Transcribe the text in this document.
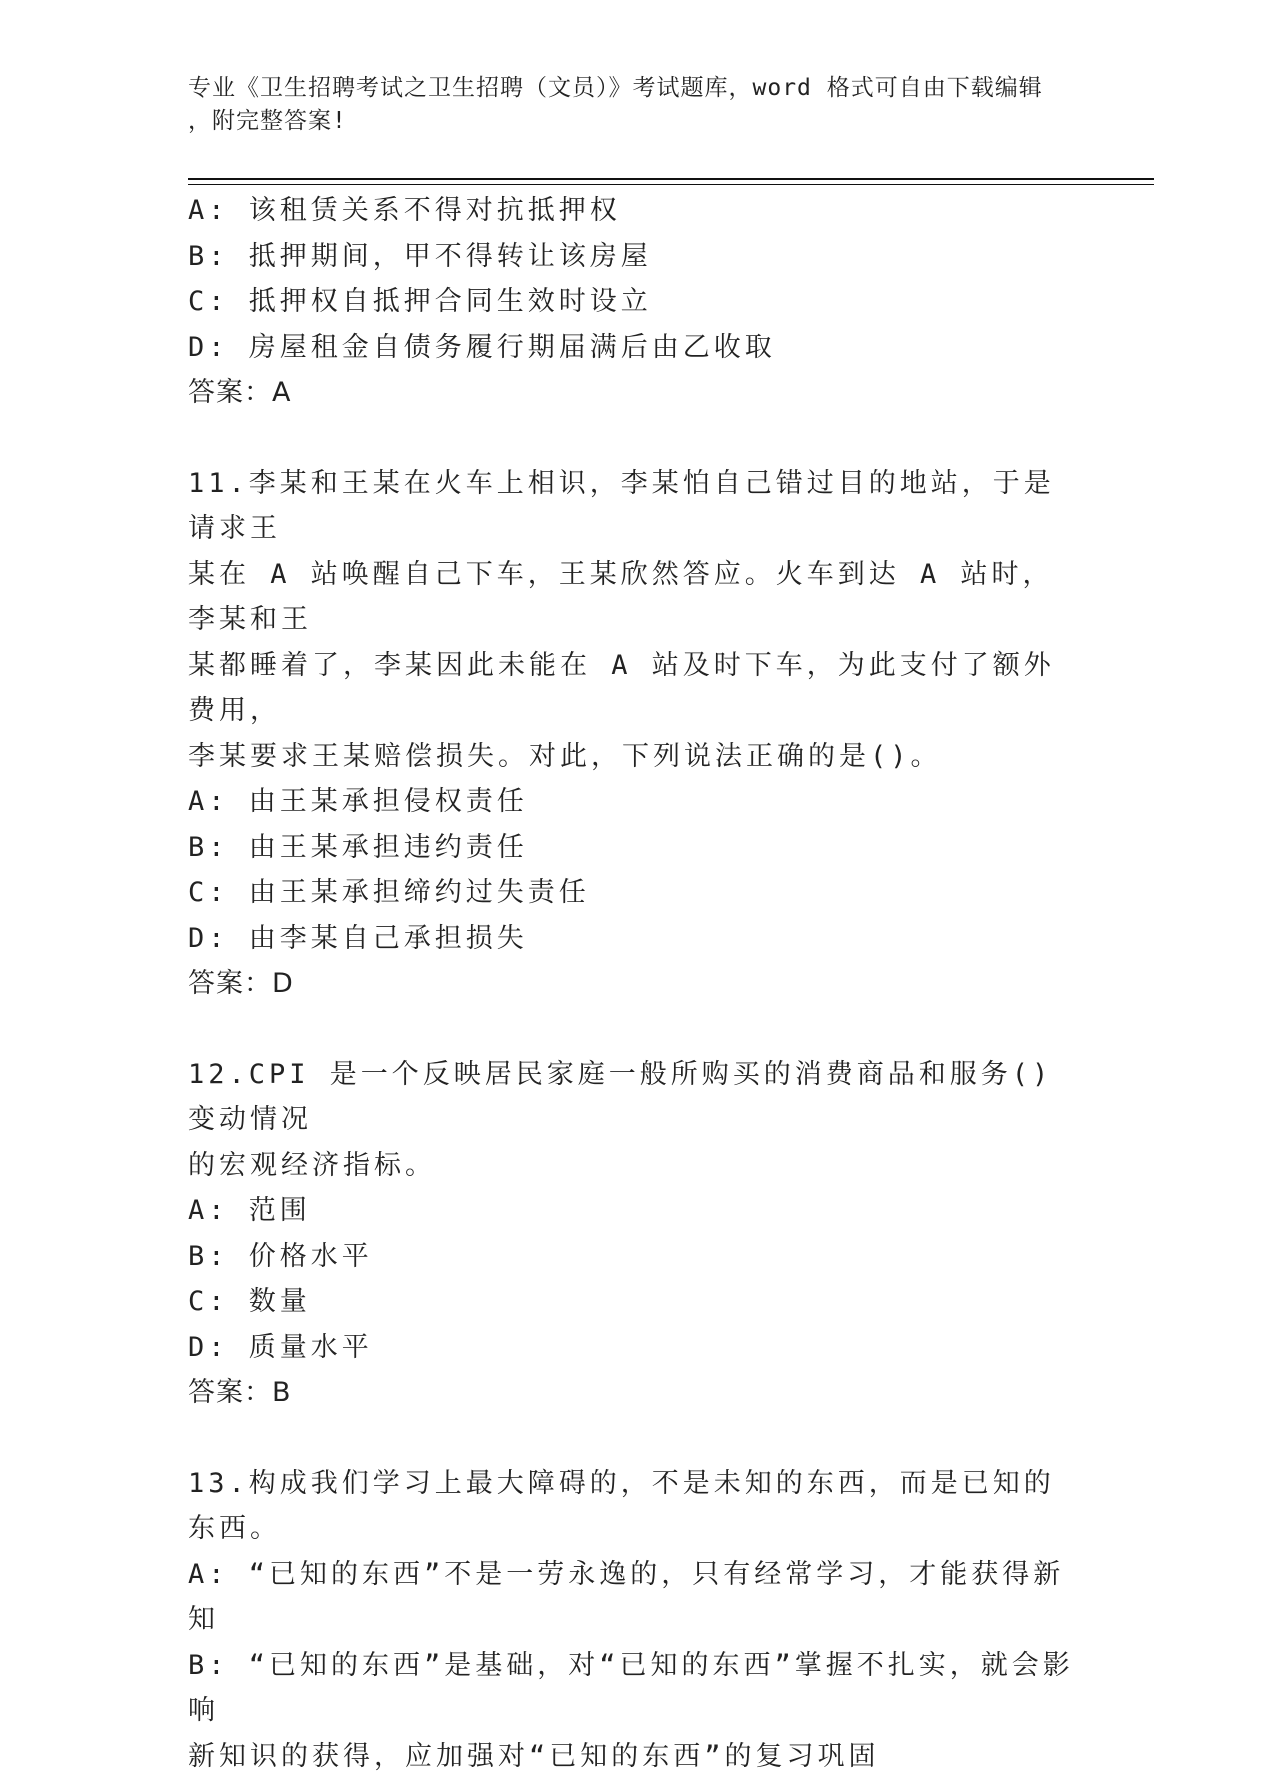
专业《卫生招聘考试之卫生招聘（文员）》考试题库，word 格式可自由下载编辑
，附完整答案!

A: 该租赁关系不得对抗抵押权

B: 抵押期间，甲不得转让该房屋

C: 抵押权自抵押合同生效时设立

D: 房屋租金自债务履行期届满后由乙收取

答案：A

11.李某和王某在火车上相识，李某怕自己错过目的地站，于是请求王

某在 A 站唤醒自己下车，王某欣然答应。火车到达 A 站时，李某和王

某都睡着了，李某因此未能在 A 站及时下车，为此支付了额外费用，

李某要求王某赔偿损失。对此，下列说法正确的是()。

A: 由王某承担侵权责任

B: 由王某承担违约责任

C: 由王某承担缔约过失责任

D: 由李某自己承担损失

答案：D

12.CPI 是一个反映居民家庭一般所购买的消费商品和服务()变动情况

的宏观经济指标。

A: 范围

B: 价格水平

C: 数量

D: 质量水平

答案：B

13.构成我们学习上最大障碍的，不是未知的东西，而是已知的东西。

A: “已知的东西”不是一劳永逸的，只有经常学习，才能获得新知

B: “已知的东西”是基础，对“已知的东西”掌握不扎实，就会影响

新知识的获得，应加强对“已知的东西”的复习巩固
